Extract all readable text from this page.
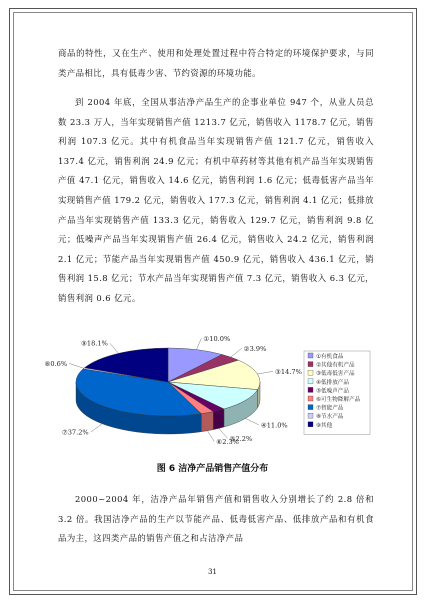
商品的特性，又在生产、使用和处理处置过程中符合特定的环境保护要求，与同类产品相比，具有低毒少害、节约资源的环境功能。
到 2004 年底，全国从事洁净产品生产的企事业单位 947 个，从业人员总数 23.3 万人，当年实现销售产值 1213.7 亿元，销售收入 1178.7 亿元，销售利润 107.3 亿元。其中有机食品当年实现销售产值 121.7 亿元，销售收入 137.4 亿元，销售利润 24.9 亿元；有机中草药材等其他有机产品当年实现销售产值 47.1 亿元，销售收入 14.6 亿元，销售利润 1.6 亿元；低毒低害产品当年实现销售产值 179.2 亿元，销售收入 177.3 亿元，销售利润 4.1 亿元；低排放产品当年实现销售产值 133.3 亿元，销售收入 129.7 亿元，销售利润 9.8 亿元；低噪声产品当年实现销售产值 26.4 亿元，销售收入 24.2 亿元，销售利润 2.1 亿元；节能产品当年实现销售产值 450.9 亿元，销售收入 436.1 亿元，销售利润 15.8 亿元；节水产品当年实现销售产值 7.3 亿元，销售收入 6.3 亿元，销售利润 0.6 亿元。
①10.0%
②3.9%
③14.7%
④11.0%
⑤2.2%
⑥2.3%
⑦37.2%
⑧0.6%
⑨18.1%
①有机食品
②其他有机产品
③低毒低害产品
④低排放产品
⑤低噪声产品
⑥可生物降解产品
⑦智能产品
⑧节水产品
⑨其他
图 6 洁净产品销售产值分布
2000~2004 年，洁净产品年销售产值和销售收入分别增长了约 2.8 倍和 3.2 倍。我国洁净产品的生产以节能产品、低毒低害产品、低排放产品和有机食品为主，这四类产品的销售产值之和占洁净产品
31
